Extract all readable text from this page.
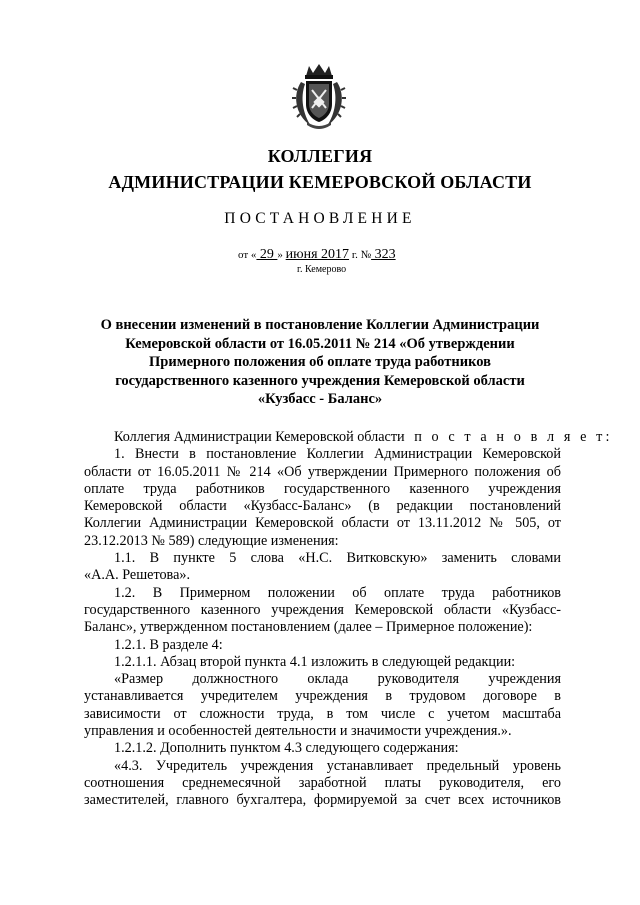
КОЛЛЕГИЯ
АДМИНИСТРАЦИИ КЕМЕРОВСКОЙ ОБЛАСТИ
ПОСТАНОВЛЕНИЕ
от « 29 » июня 2017 г. № 323
г. Кемерово
О внесении изменений в постановление Коллегии Администрации
Кемеровской области от 16.05.2011 № 214 «Об утверждении
Примерного положения об оплате труда работников
государственного казенного учреждения Кемеровской области
«Кузбасс - Баланс»
Коллегия Администрации Кемеровской области п о с т а н о в л я е т:
1. Внести в постановление Коллегии Администрации Кемеровской
области от 16.05.2011 № 214 «Об утверждении Примерного положения об
оплате труда работников государственного казенного учреждения
Кемеровской области «Кузбасс-Баланс» (в редакции постановлений
Коллегии Администрации Кемеровской области от 13.11.2012 № 505, от
23.12.2013 № 589) следующие изменения:
1.1. В пункте 5 слова «Н.С. Витковскую» заменить словами
«А.А. Решетова».
1.2. В Примерном положении об оплате труда работников
государственного казенного учреждения Кемеровской области «Кузбасс-
Баланс», утвержденном постановлением (далее – Примерное положение):
1.2.1. В разделе 4:
1.2.1.1. Абзац второй пункта 4.1 изложить в следующей редакции:
«Размер должностного оклада руководителя учреждения
устанавливается учредителем учреждения в трудовом договоре в
зависимости от сложности труда, в том числе с учетом масштаба
управления и особенностей деятельности и значимости учреждения.».
1.2.1.2. Дополнить пунктом 4.3 следующего содержания:
«4.3. Учредитель учреждения устанавливает предельный уровень
соотношения среднемесячной заработной платы руководителя, его
заместителей, главного бухгалтера, формируемой за счет всех источников
